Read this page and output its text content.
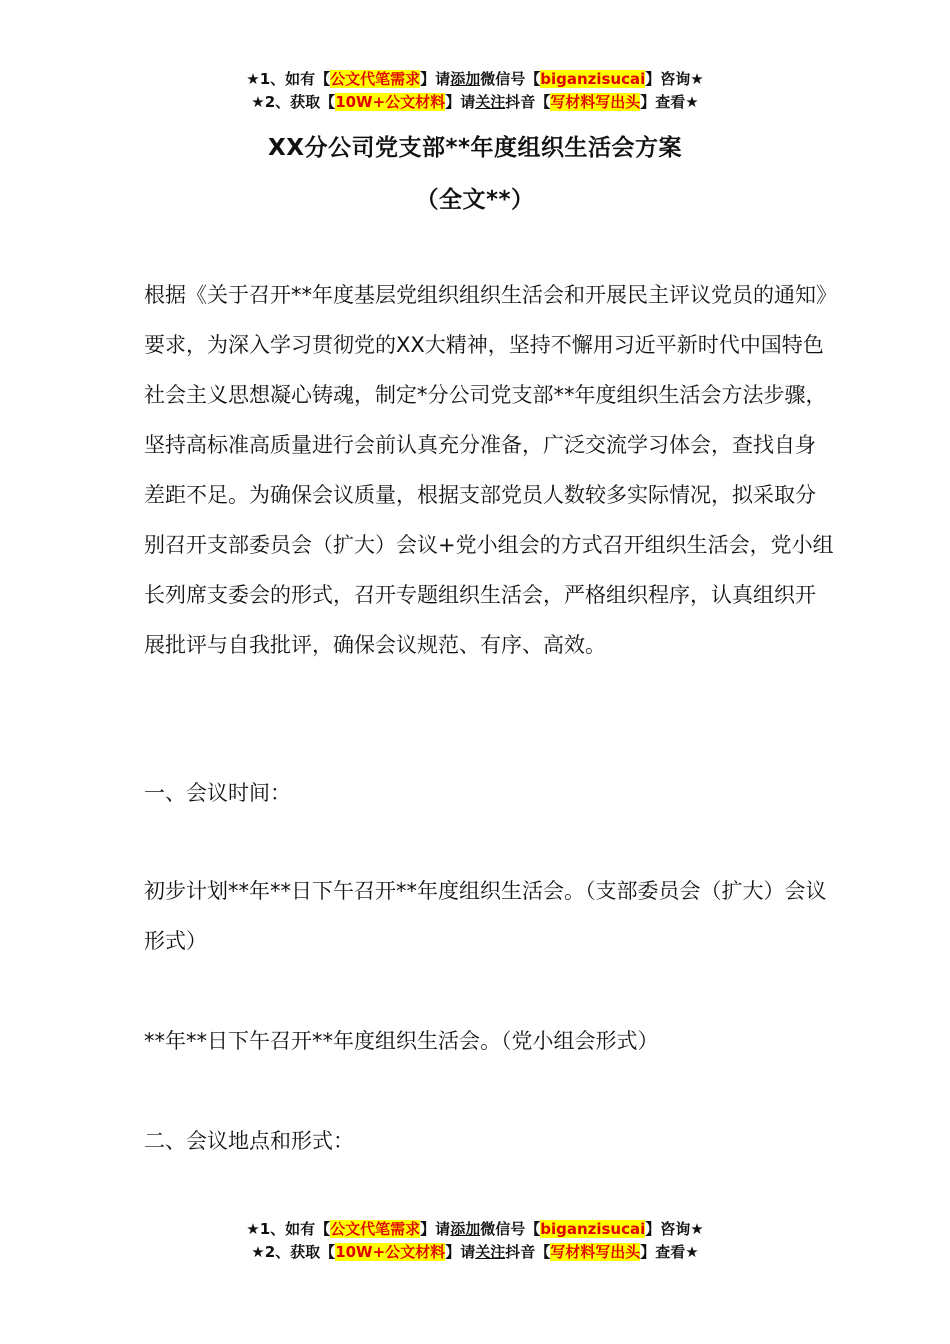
★1、如有【公文代笔需求】请添加微信号【biganzisucai】咨询★
★2、获取【10W+公文材料】请关注抖音【写材料写出头】查看★
XX分公司党支部**年度组织生活会方案
（全文**）

根据《关于召开**年度基层党组织组织生活会和开展民主评议党员的通知》要求，为深入学习贯彻党的XX大精神，坚持不懈用习近平新时代中国特色社会主义思想凝心铸魂，制定*分公司党支部**年度组织生活会方法步骤，坚持高标准高质量进行会前认真充分准备，广泛交流学习体会，查找自身差距不足。为确保会议质量，根据支部党员人数较多实际情况，拟采取分别召开支部委员会（扩大）会议+党小组会的方式召开组织生活会，党小组长列席支委会的形式，召开专题组织生活会，严格组织程序，认真组织开展批评与自我批评，确保会议规范、有序、高效。

一、会议时间：

初步计划**年**日下午召开**年度组织生活会。（支部委员会（扩大）会议形式）

**年**日下午召开**年度组织生活会。（党小组会形式）

二、会议地点和形式：

★1、如有【公文代笔需求】请添加微信号【biganzisucai】咨询★
★2、获取【10W+公文材料】请关注抖音【写材料写出头】查看★
